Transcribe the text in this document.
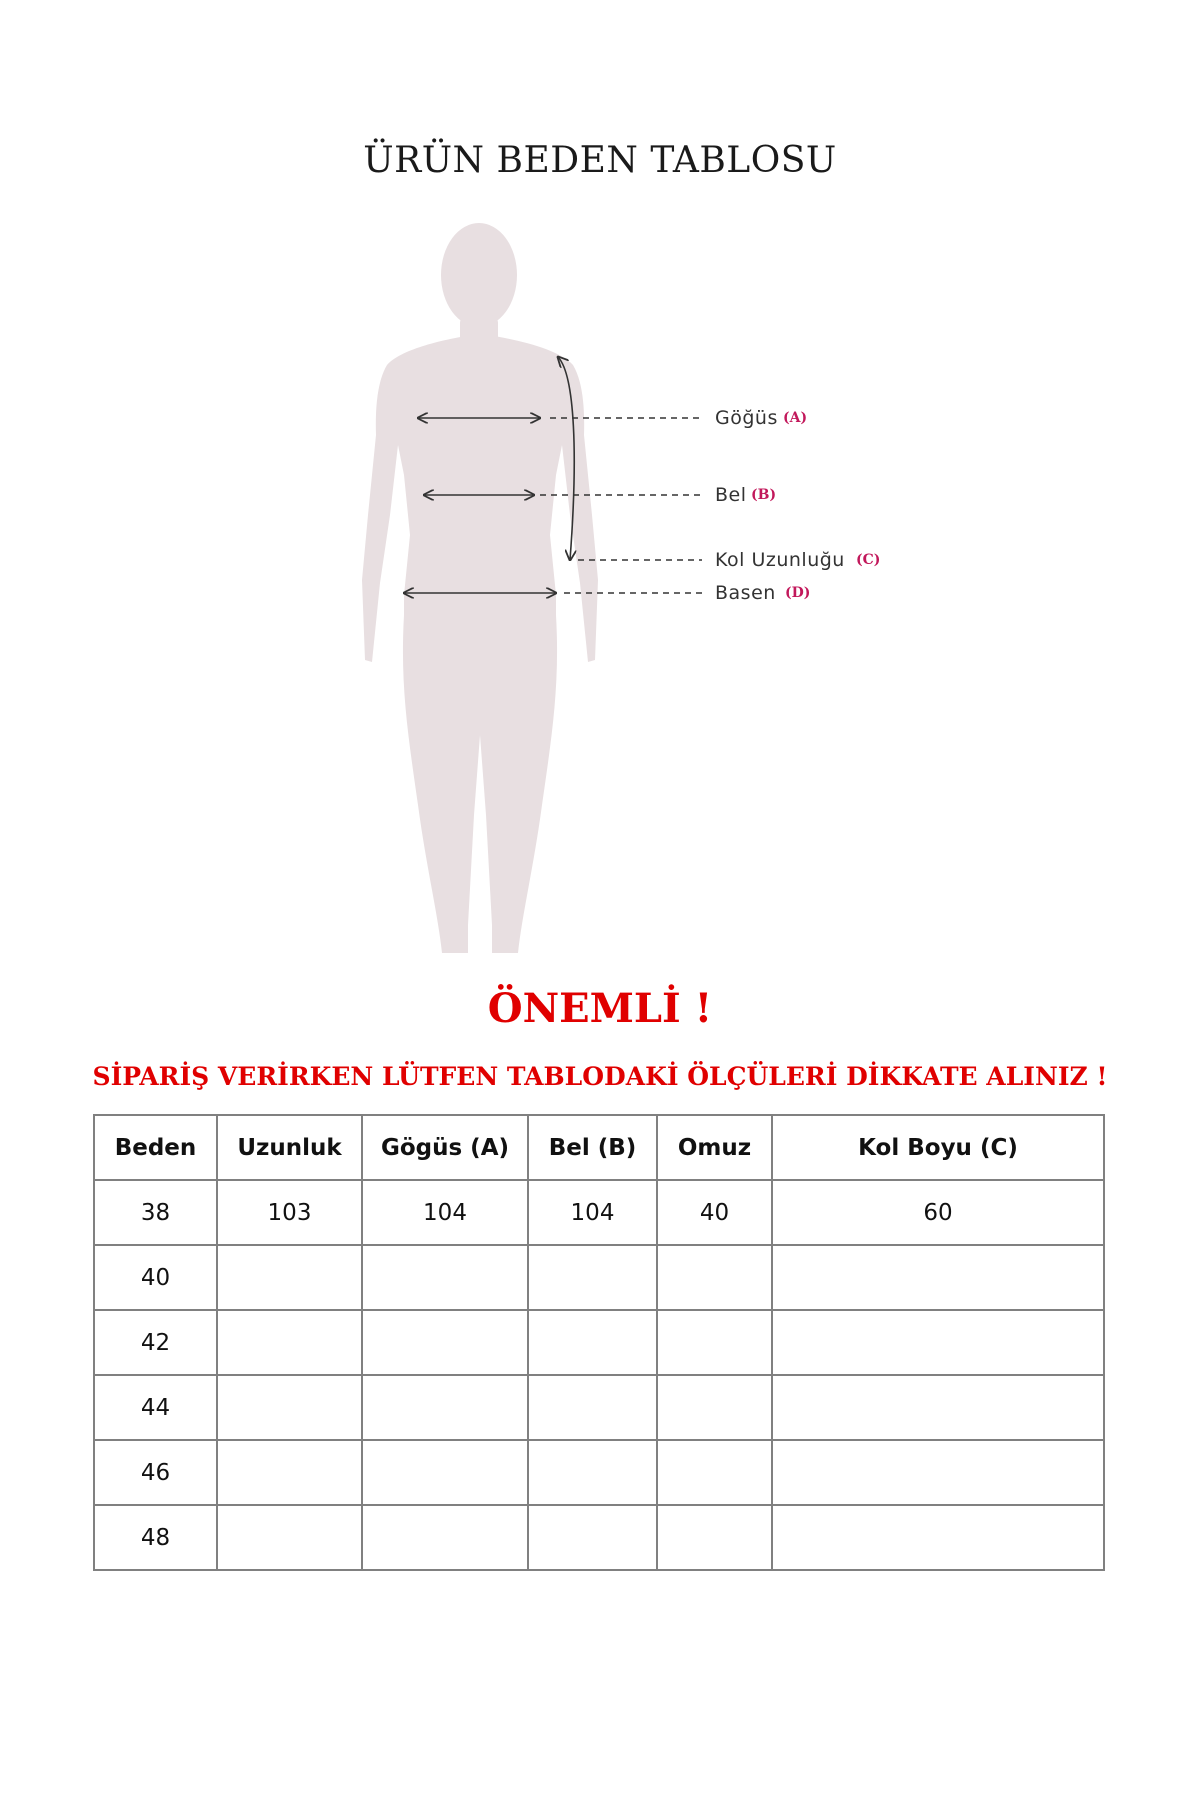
ÜRÜN BEDEN TABLOSU
Göğüs (A)
Bel (B)
Kol Uzunluğu (C)
Basen (D)
ÖNEMLİ !
SİPARİŞ VERİRKEN LÜTFEN TABLODAKİ ÖLÇÜLERİ DİKKATE ALINIZ !
Beden	Uzunluk	Gögüs (A)	Bel (B)	Omuz	Kol Boyu (C)
38	103	104	104	40	60
40					
42					
44					
46					
48					
